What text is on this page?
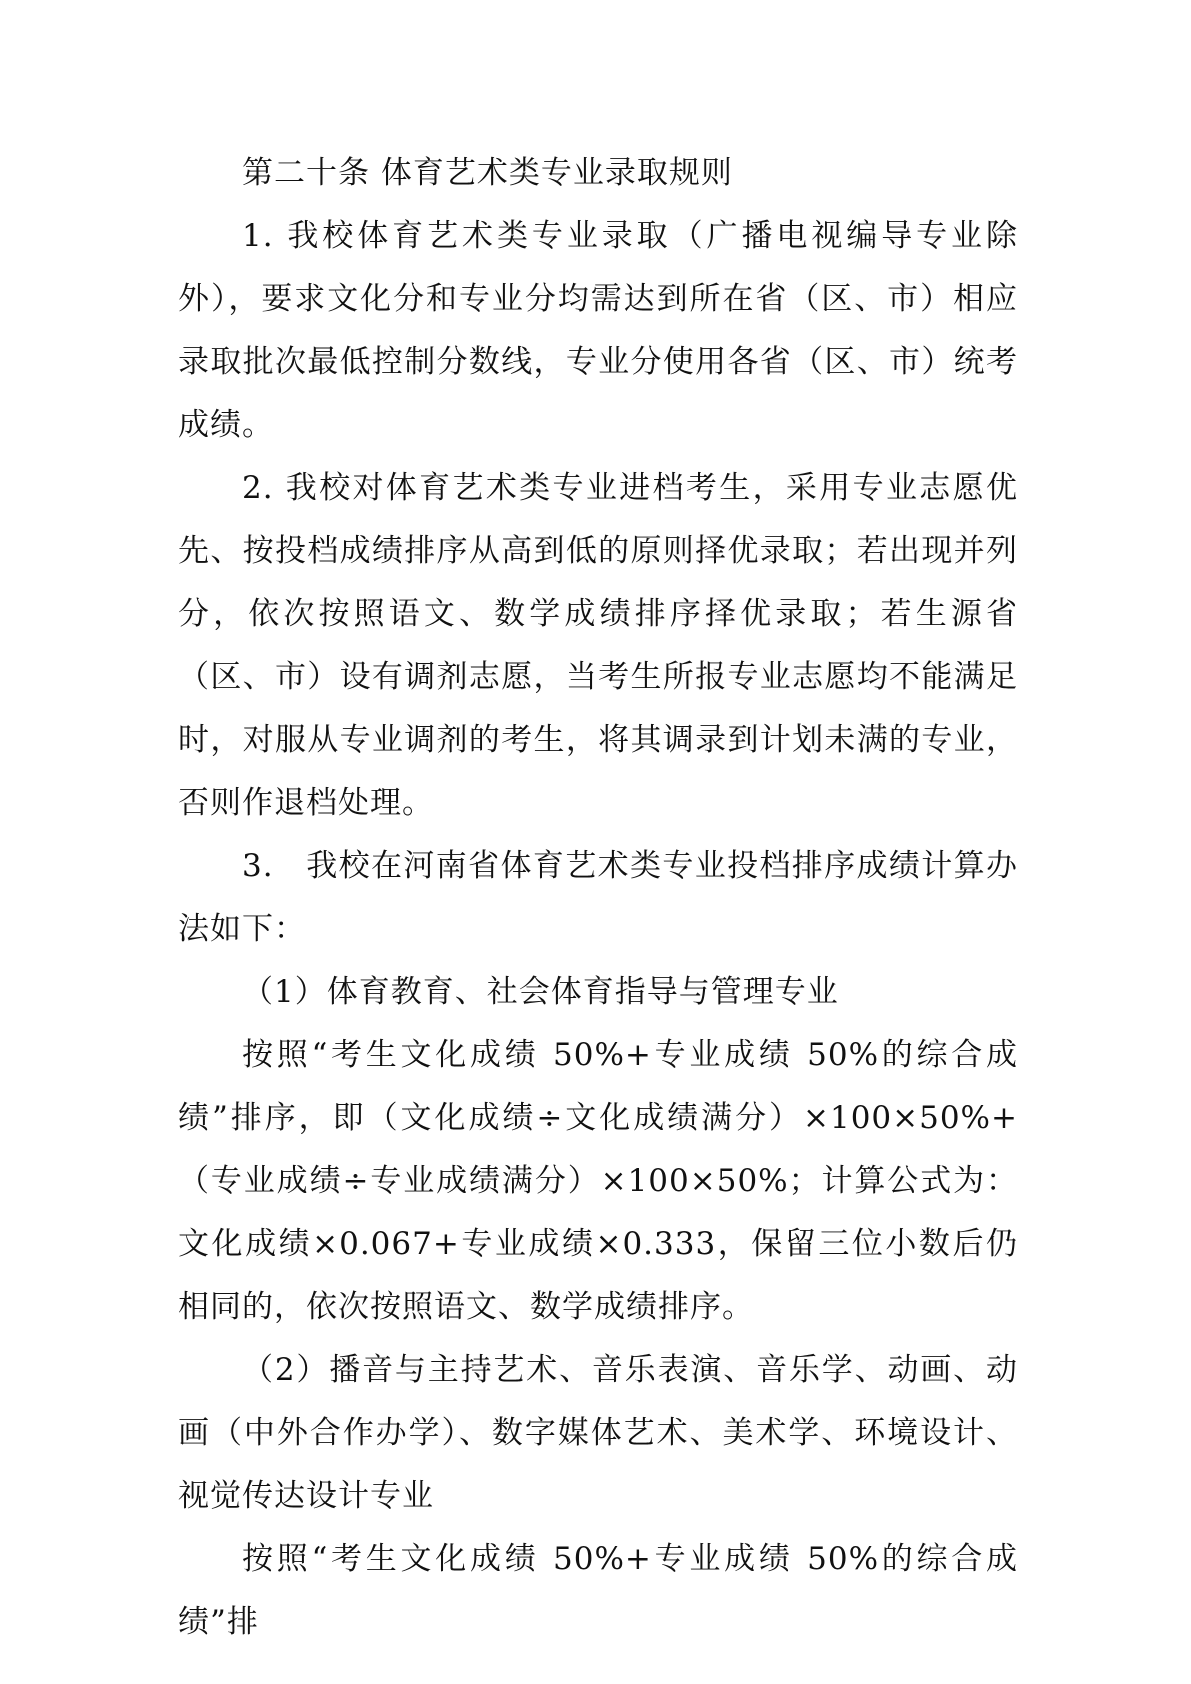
第二十条 体育艺术类专业录取规则

1. 我校体育艺术类专业录取（广播电视编导专业除外），要求文化分和专业分均需达到所在省（区、市）相应录取批次最低控制分数线，专业分使用各省（区、市）统考成绩。

2. 我校对体育艺术类专业进档考生，采用专业志愿优先、按投档成绩排序从高到低的原则择优录取；若出现并列分，依次按照语文、数学成绩排序择优录取；若生源省（区、市）设有调剂志愿，当考生所报专业志愿均不能满足时，对服从专业调剂的考生，将其调录到计划未满的专业，否则作退档处理。

3.　我校在河南省体育艺术类专业投档排序成绩计算办法如下：

（1）体育教育、社会体育指导与管理专业

按照“考生文化成绩 50%+专业成绩 50%的综合成绩”排序，即（文化成绩÷文化成绩满分）×100×50%+（专业成绩÷专业成绩满分）×100×50%；计算公式为：文化成绩×0.067+专业成绩×0.333，保留三位小数后仍相同的，依次按照语文、数学成绩排序。

（2）播音与主持艺术、音乐表演、音乐学、动画、动画（中外合作办学）、数字媒体艺术、美术学、环境设计、视觉传达设计专业

按照“考生文化成绩 50%+专业成绩 50%的综合成绩”排
